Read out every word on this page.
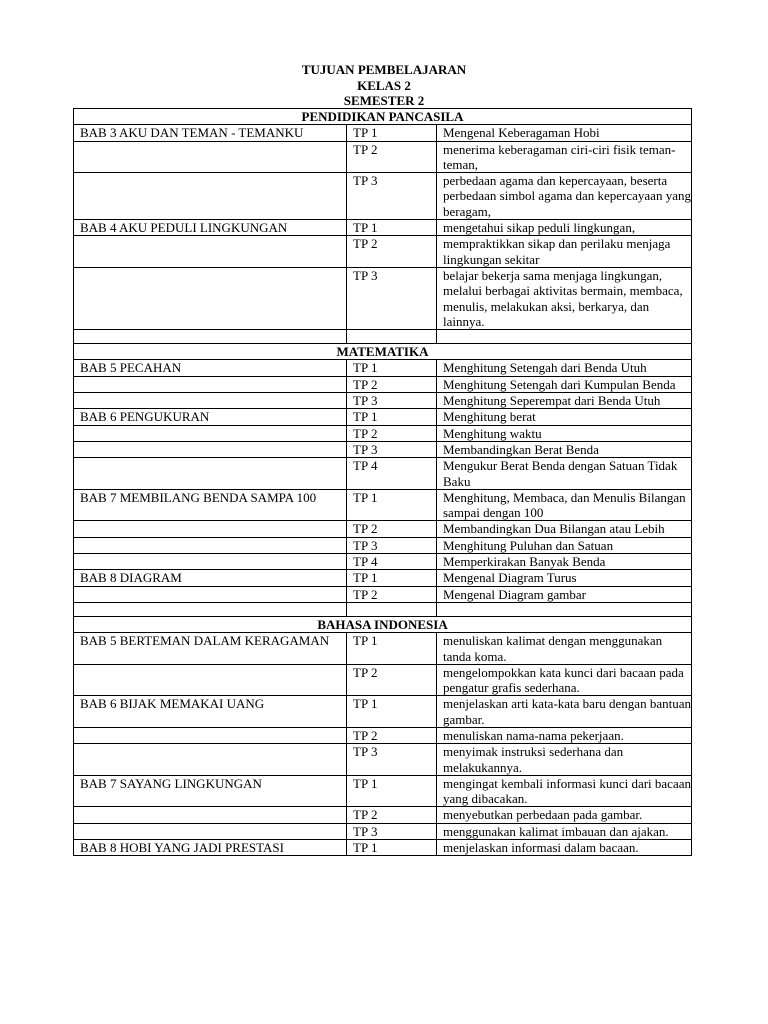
TUJUAN PEMBELAJARAN
KELAS 2
SEMESTER 2
PENDIDIKAN PANCASILA		
BAB 3 AKU DAN TEMAN - TEMANKU	TP 1	Mengenal Keberagaman Hobi
	TP 2	menerima keberagaman ciri-ciri fisik teman-teman,
	TP 3	perbedaan agama dan kepercayaan, beserta perbedaan simbol agama dan kepercayaan yang beragam,
BAB 4 AKU PEDULI LINGKUNGAN	TP 1	mengetahui sikap peduli lingkungan,
	TP 2	mempraktikkan sikap dan perilaku menjaga lingkungan sekitar
	TP 3	belajar bekerja sama menjaga lingkungan, melalui berbagai aktivitas bermain, membaca, menulis, melakukan aksi, berkarya, dan lainnya.

MATEMATIKA		
BAB 5 PECAHAN	TP 1	Menghitung Setengah dari Benda Utuh
	TP 2	Menghitung Setengah dari Kumpulan Benda
	TP 3	Menghitung Seperempat dari Benda Utuh
BAB 6 PENGUKURAN	TP 1	Menghitung berat
	TP 2	Menghitung waktu
	TP 3	Membandingkan Berat Benda
	TP 4	Mengukur Berat Benda dengan Satuan Tidak Baku
BAB 7 MEMBILANG BENDA SAMPA 100	TP 1	Menghitung, Membaca, dan Menulis Bilangan sampai dengan 100
	TP 2	Membandingkan Dua Bilangan atau Lebih
	TP 3	Menghitung Puluhan dan Satuan
	TP 4	Memperkirakan Banyak Benda
BAB 8 DIAGRAM	TP 1	Mengenal Diagram Turus
	TP 2	Mengenal Diagram gambar

BAHASA INDONESIA		
BAB 5 BERTEMAN DALAM KERAGAMAN	TP 1	menuliskan kalimat dengan menggunakan tanda koma.
	TP 2	mengelompokkan kata kunci dari bacaan pada pengatur grafis sederhana.
BAB 6 BIJAK MEMAKAI UANG	TP 1	menjelaskan arti kata-kata baru dengan bantuan gambar.
	TP 2	menuliskan nama-nama pekerjaan.
	TP 3	menyimak instruksi sederhana dan melakukannya.
BAB 7 SAYANG LINGKUNGAN	TP 1	mengingat kembali informasi kunci dari bacaan yang dibacakan.
	TP 2	menyebutkan perbedaan pada gambar.
	TP 3	menggunakan kalimat imbauan dan ajakan.
BAB 8 HOBI YANG JADI PRESTASI	TP 1	menjelaskan informasi dalam bacaan.
